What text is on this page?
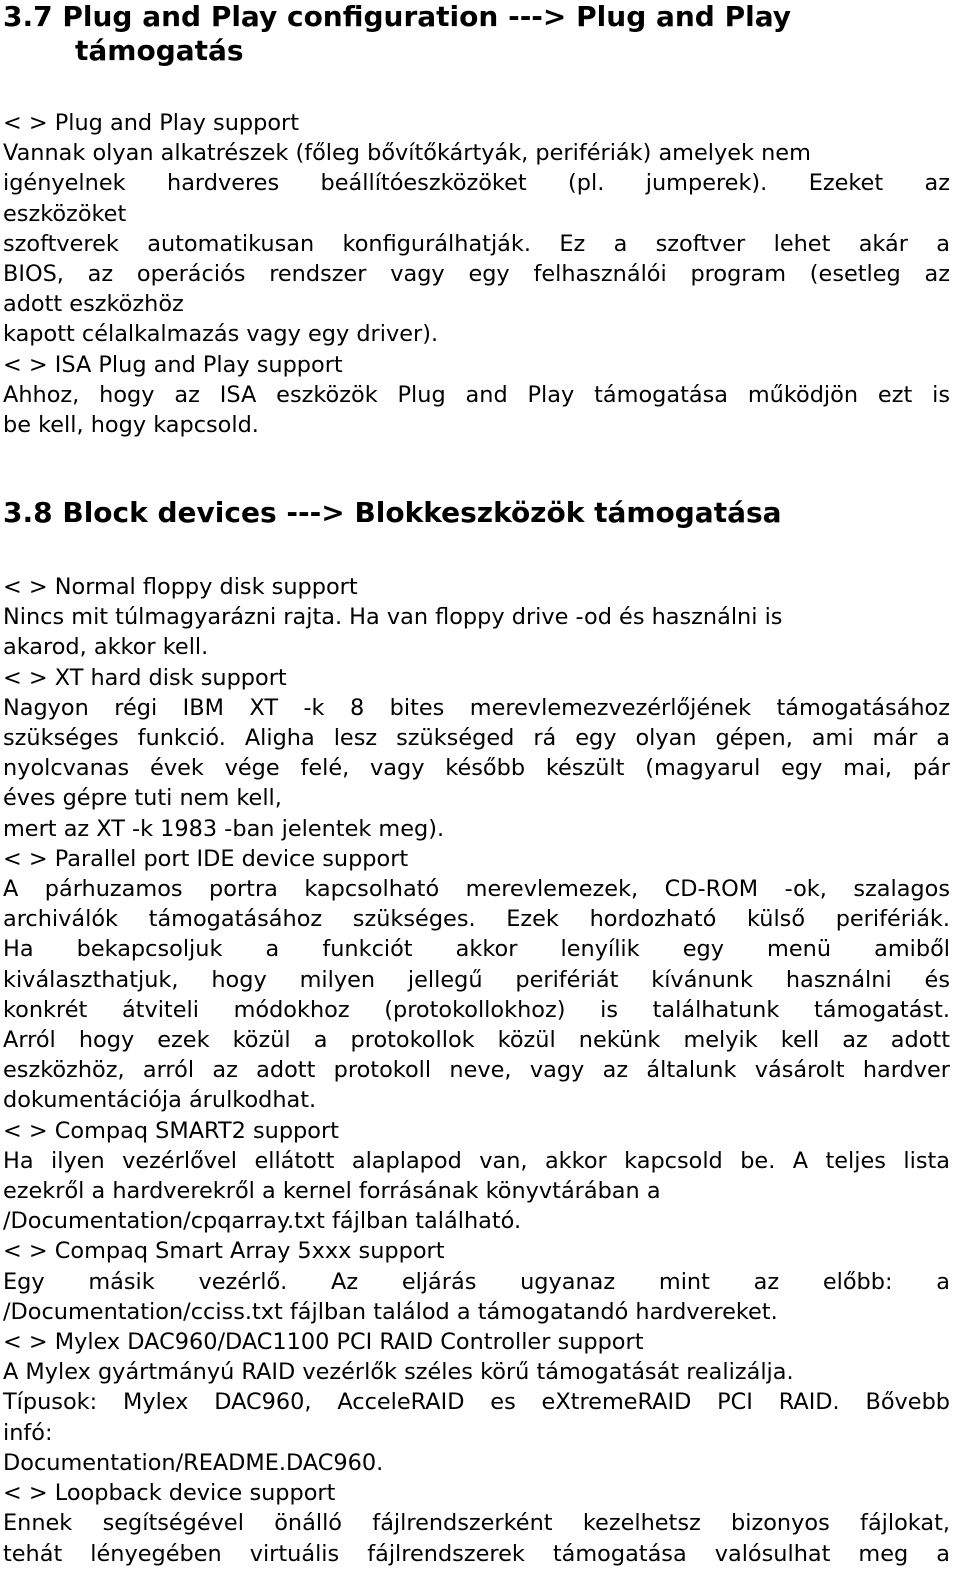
3.7 Plug and Play configuration ---> Plug and Play
támogatás

< > Plug and Play support

Vannak olyan alkatrészek (főleg bővítőkártyák, perifériák) amelyek nem

igényelnek hardveres beállítóeszközöket (pl. jumperek). Ezeket az

eszközöket

szoftverek automatikusan konfigurálhatják. Ez a szoftver lehet akár a

BIOS, az operációs rendszer vagy egy felhasználói program (esetleg az

adott eszközhöz

kapott célalkalmazás vagy egy driver).

< > ISA Plug and Play support

Ahhoz, hogy az ISA eszközök Plug and Play támogatása működjön ezt is

be kell, hogy kapcsold.

3.8 Block devices ---> Blokkeszközök támogatása

< > Normal floppy disk support

Nincs mit túlmagyarázni rajta. Ha van floppy drive -od és használni is

akarod, akkor kell.

< > XT hard disk support

Nagyon régi IBM XT -k 8 bites merevlemezvezérlőjének támogatásához

szükséges funkció. Aligha lesz szükséged rá egy olyan gépen, ami már a

nyolcvanas évek vége felé, vagy később készült (magyarul egy mai, pár

éves gépre tuti nem kell,

mert az XT -k 1983 -ban jelentek meg).

< > Parallel port IDE device support

A párhuzamos portra kapcsolható merevlemezek, CD-ROM -ok, szalagos

archiválók támogatásához szükséges. Ezek hordozható külső perifériák.

Ha bekapcsoljuk a funkciót akkor lenyílik egy menü amiből

kiválaszthatjuk, hogy milyen jellegű perifériát kívánunk használni és

konkrét átviteli módokhoz (protokollokhoz) is találhatunk támogatást.

Arról hogy ezek közül a protokollok közül nekünk melyik kell az adott

eszközhöz, arról az adott protokoll neve, vagy az általunk vásárolt hardver

dokumentációja árulkodhat.

< > Compaq SMART2 support

Ha ilyen vezérlővel ellátott alaplapod van, akkor kapcsold be. A teljes lista

ezekről a hardverekről a kernel forrásának könyvtárában a

/Documentation/cpqarray.txt fájlban található.

< > Compaq Smart Array 5xxx support

Egy másik vezérlő. Az eljárás ugyanaz mint az előbb: a

/Documentation/cciss.txt fájlban találod a támogatandó hardvereket.

< > Mylex DAC960/DAC1100 PCI RAID Controller support

A Mylex gyártmányú RAID vezérlők széles körű támogatását realizálja.

Típusok: Mylex DAC960, AcceleRAID es eXtremeRAID PCI RAID. Bővebb

infó:

Documentation/README.DAC960.

< > Loopback device support

Ennek segítségével önálló fájlrendszerként kezelhetsz bizonyos fájlokat,

tehát lényegében virtuális fájlrendszerek támogatása valósulhat meg a
